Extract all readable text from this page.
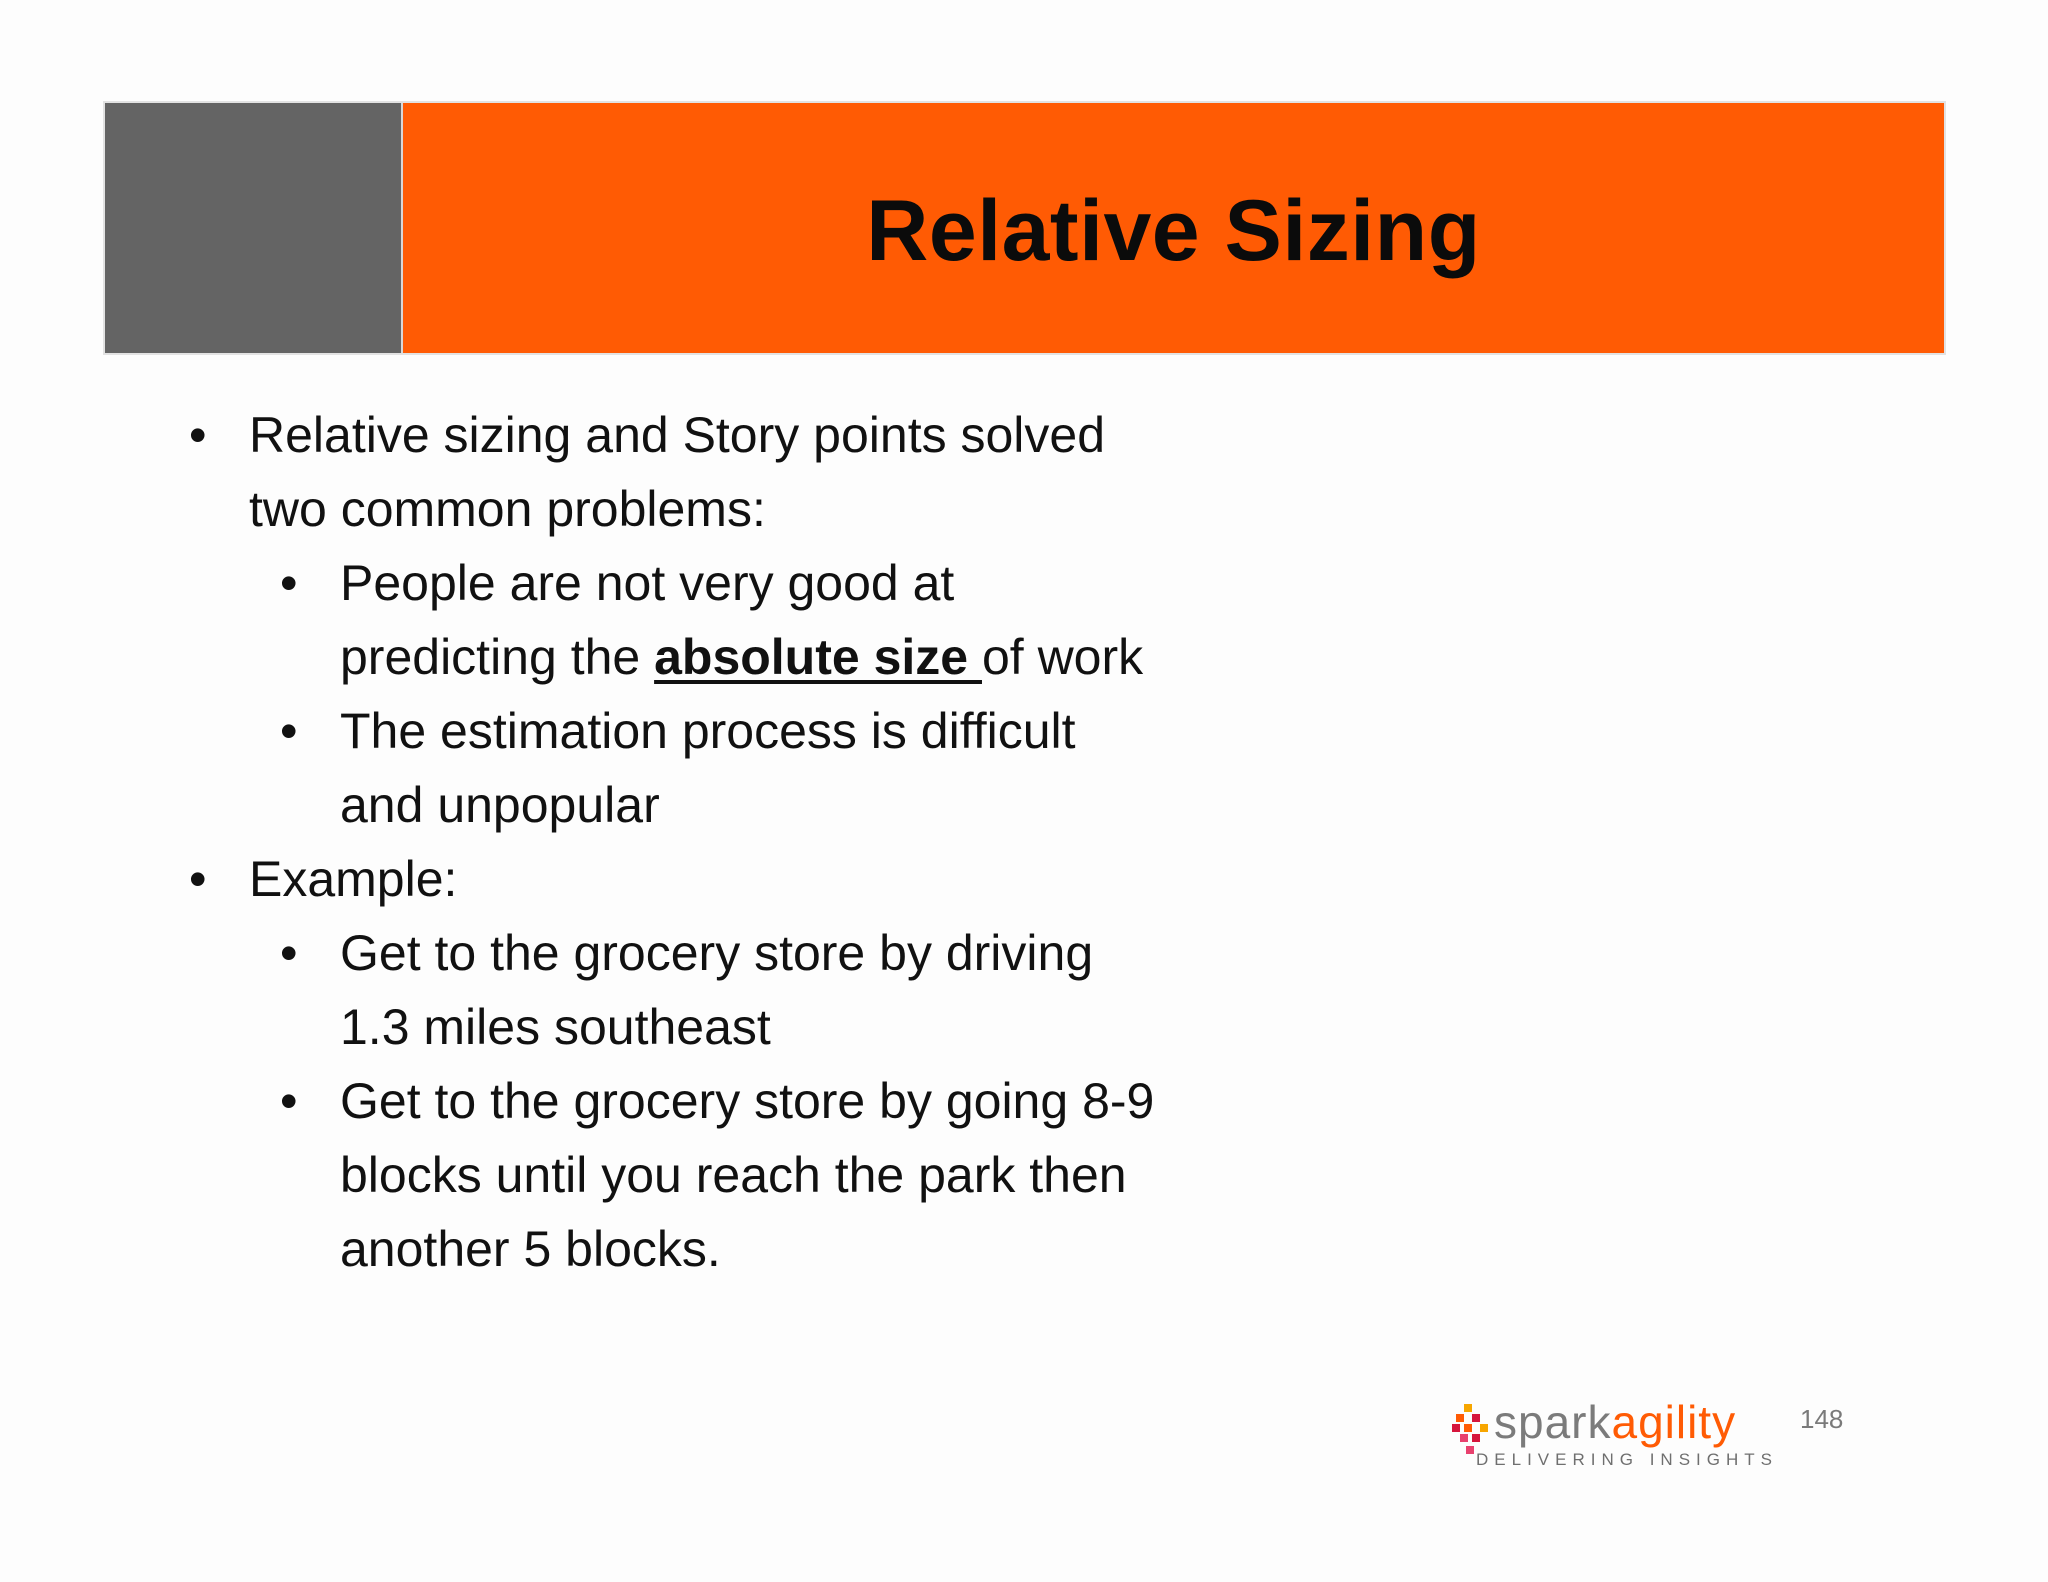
Relative Sizing
• Relative sizing and Story points solved
two common problems:
• People are not very good at
predicting the absolute size of work
• The estimation process is difficult
and unpopular
• Example:
• Get to the grocery store by driving
1.3 miles southeast
• Get to the grocery store by going 8-9
blocks until you reach the park then
another 5 blocks.
sparkagility
DELIVERING INSIGHTS
148
